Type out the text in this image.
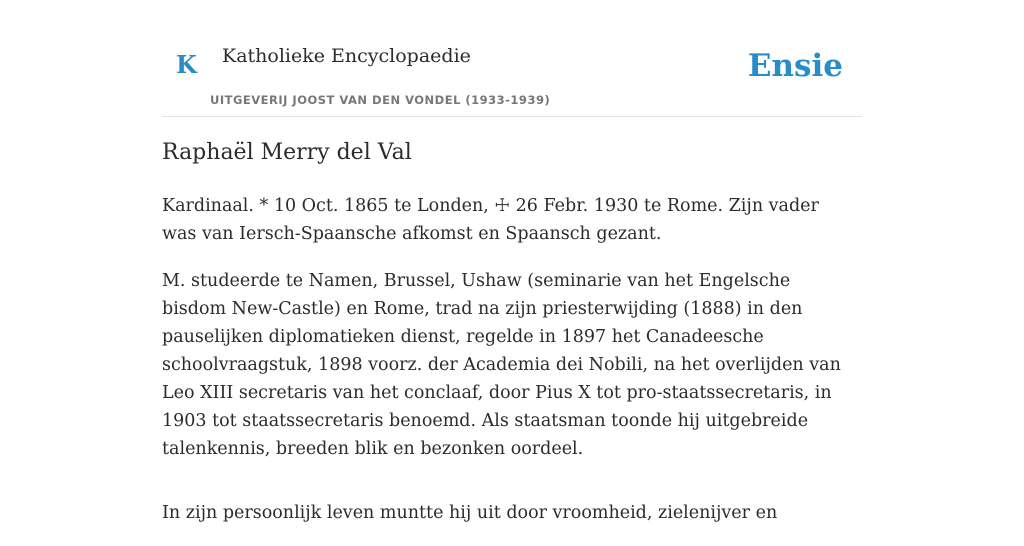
K Katholieke Encyclopaedie
UITGEVERIJ JOOST VAN DEN VONDEL (1933-1939)
Ensie
Raphaël Merry del Val

Kardinaal. * 10 Oct. 1865 te Londen, ☩ 26 Febr. 1930 te Rome. Zijn vader was van Iersch-Spaansche afkomst en Spaansch gezant.

M. studeerde te Namen, Brussel, Ushaw (seminarie van het Engelsche bisdom New-Castle) en Rome, trad na zijn priesterwijding (1888) in den pauselijken diplomatieken dienst, regelde in 1897 het Canadeesche schoolvraagstuk, 1898 voorz. der Academia dei Nobili, na het overlijden van Leo XIII secretaris van het conclaaf, door Pius X tot pro-staatssecretaris, in 1903 tot staatssecretaris benoemd. Als staatsman toonde hij uitgebreide talenkennis, breeden blik en bezonken oordeel.

In zijn persoonlijk leven muntte hij uit door vroomheid, zielenijver en
